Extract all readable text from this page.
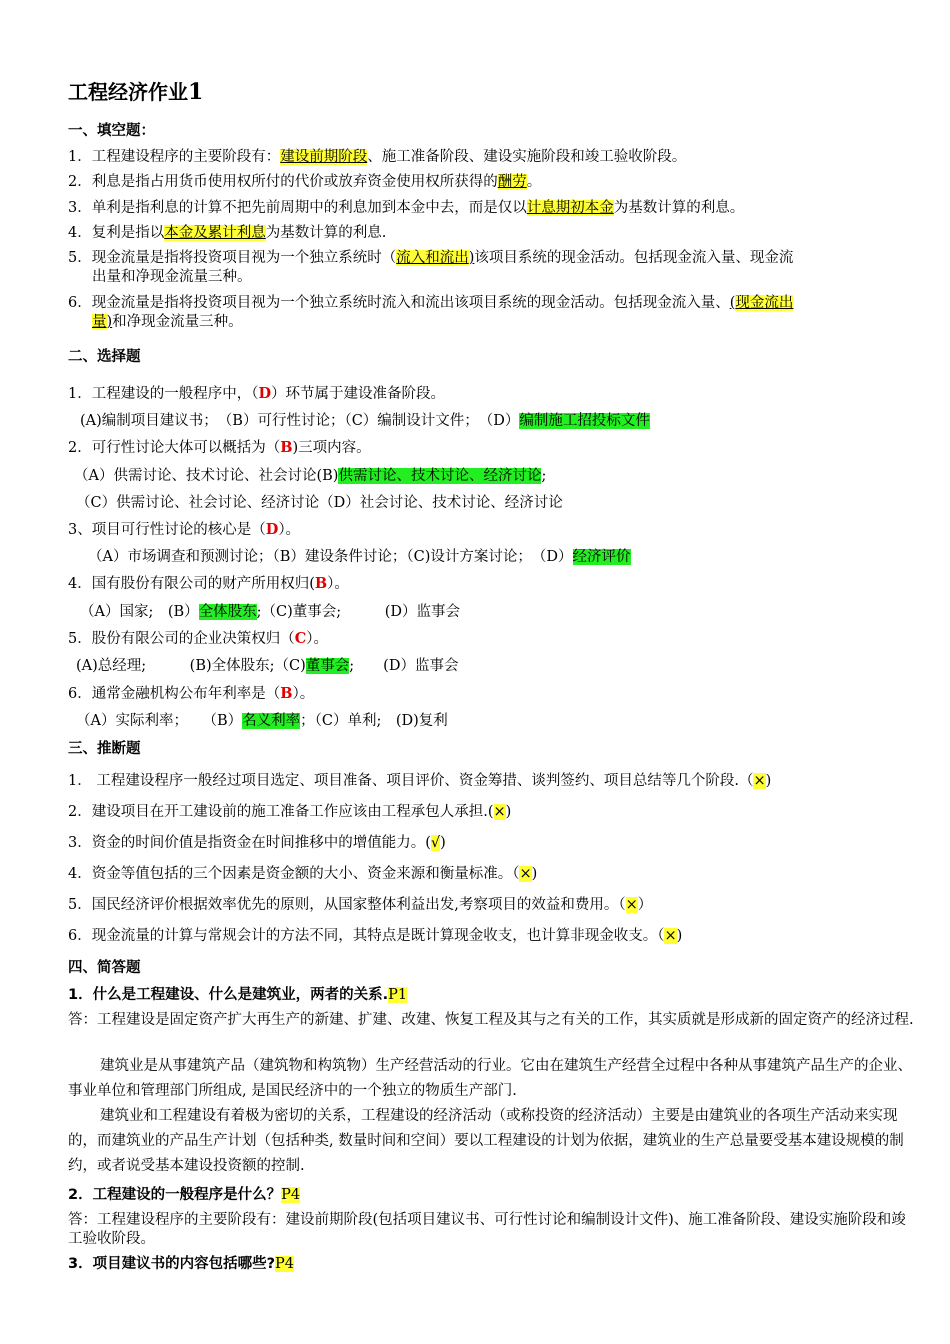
工程经济作业1
一、填空题：
1．工程建设程序的主要阶段有：建设前期阶段、施工准备阶段、建设实施阶段和竣工验收阶段。
2．利息是指占用货币使用权所付的代价或放弃资金使用权所获得的酬劳。
3．单利是指利息的计算不把先前周期中的利息加到本金中去，而是仅以计息期初本金为基数计算的利息。
4．复利是指以本金及累计利息为基数计算的利息.
5．现金流量是指将投资项目视为一个独立系统时（流入和流出)该项目系统的现金活动。包括现金流入量、现金流
出量和净现金流量三种。
6．现金流量是指将投资项目视为一个独立系统时流入和流出该项目系统的现金活动。包括现金流入量、(现金流出
量)和净现金流量三种。
二、选择题
1．工程建设的一般程序中，（D）环节属于建设准备阶段。
(A)编制项目建议书；　（B）可行性讨论；（C）编制设计文件；　（D）编制施工招投标文件
2．可行性讨论大体可以概括为（B)三项内容。
（A）供需讨论、技术讨论、社会讨论(B)供需讨论、技术讨论、经济讨论;
（C）供需讨论、社会讨论、经济讨论（D）社会讨论、技术讨论、经济讨论
3、项目可行性讨论的核心是（D）。
（A）市场调查和预测讨论；（B）建设条件讨论；（C)设计方案讨论；　（D）经济评价
4．国有股份有限公司的财产所用权归(B）。
（A）国家;　(B）全体股东;（C)董事会;　　　(D）监事会
5．股份有限公司的企业决策权归（C）。
(A)总经理;　　　(B)全体股东;（C)董事会;　　(D）监事会
6．通常金融机构公布年利率是（B）。
（A）实际利率；　　（B）名义利率；（C）单利;　(D)复利
三、推断题
1． 工程建设程序一般经过项目选定、项目准备、项目评价、资金筹措、谈判签约、项目总结等几个阶段.（×)
2．建设项目在开工建设前的施工准备工作应该由工程承包人承担.(×)
3．资金的时间价值是指资金在时间推移中的增值能力。(√)
4．资金等值包括的三个因素是资金额的大小、资金来源和衡量标准。（×)
5．国民经济评价根据效率优先的原则，从国家整体利益出发,考察项目的效益和费用。（×）
6．现金流量的计算与常规会计的方法不同，其特点是既计算现金收支，也计算非现金收支。（×)
四、简答题
1．什么是工程建设、什么是建筑业，两者的关系.P1
答：工程建设是固定资产扩大再生产的新建、扩建、改建、恢复工程及其与之有关的工作，其实质就是形成新的固定资产的经济过程.
建筑业是从事建筑产品（建筑物和构筑物）生产经营活动的行业。它由在建筑生产经营全过程中各种从事建筑产品生产的企业、事业单位和管理部门所组成, 是国民经济中的一个独立的物质生产部门.
建筑业和工程建设有着极为密切的关系，工程建设的经济活动（或称投资的经济活动）主要是由建筑业的各项生产活动来实现的，而建筑业的产品生产计划（包括种类, 数量时间和空间）要以工程建设的计划为依据，建筑业的生产总量要受基本建设规模的制约，或者说受基本建设投资额的控制.
2．工程建设的一般程序是什么？P4
答：工程建设程序的主要阶段有：建设前期阶段(包括项目建议书、可行性讨论和编制设计文件)、施工准备阶段、建设实施阶段和竣工验收阶段。
3．项目建议书的内容包括哪些?P4
